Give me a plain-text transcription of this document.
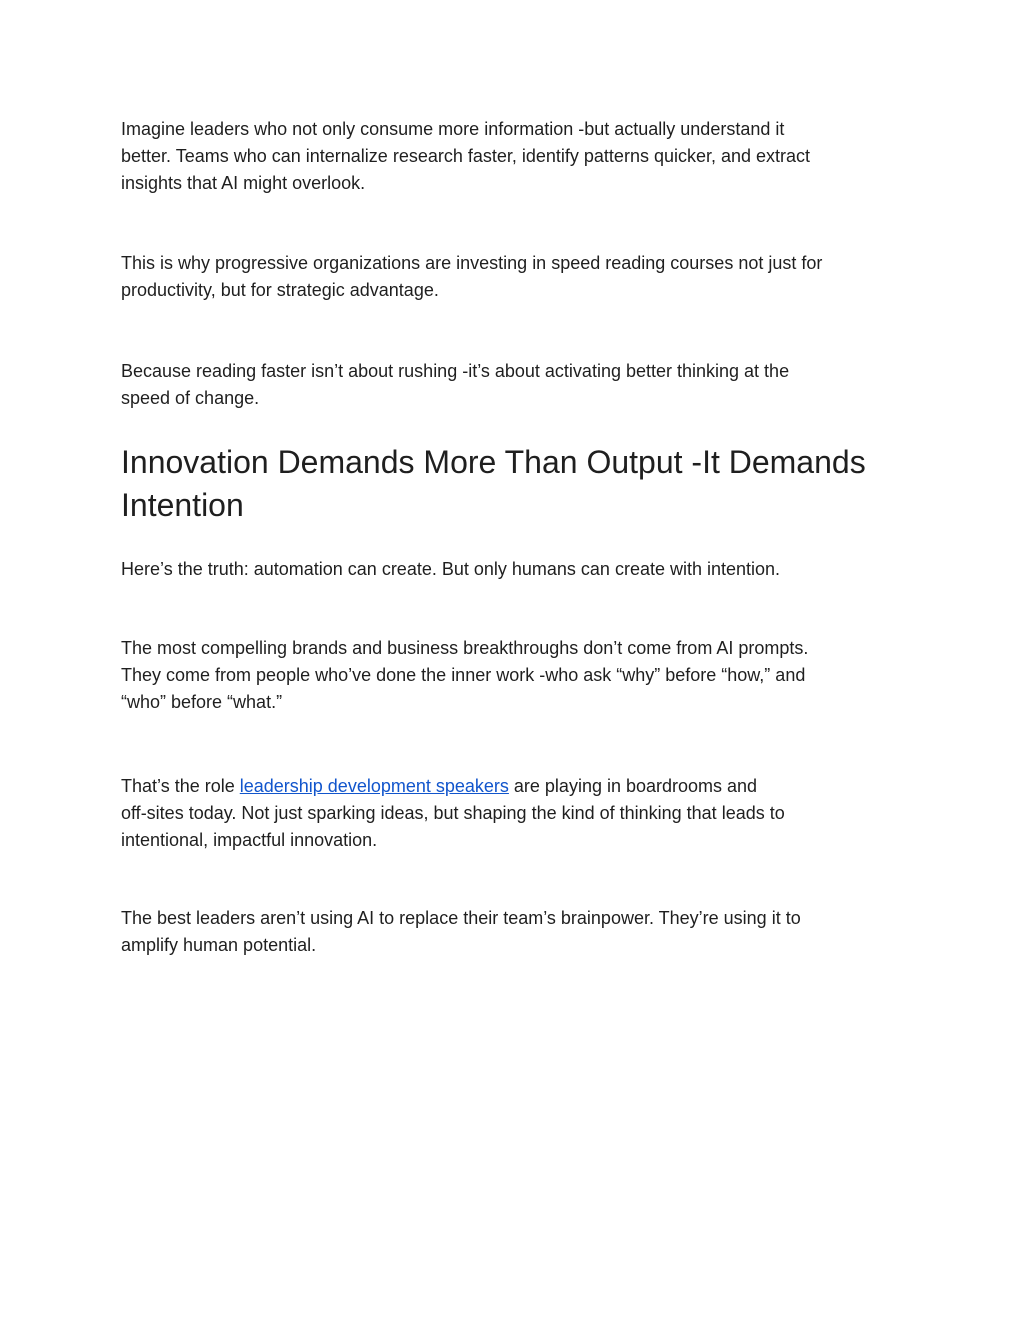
Imagine leaders who not only consume more information -but actually understand it
better. Teams who can internalize research faster, identify patterns quicker, and extract
insights that AI might overlook.

This is why progressive organizations are investing in speed reading courses not just for
productivity, but for strategic advantage.

Because reading faster isn’t about rushing -it’s about activating better thinking at the
speed of change.

Innovation Demands More Than Output -It Demands
Intention

Here’s the truth: automation can create. But only humans can create with intention.

The most compelling brands and business breakthroughs don’t come from AI prompts.
They come from people who’ve done the inner work -who ask “why” before “how,” and
“who” before “what.”

That’s the role leadership development speakers are playing in boardrooms and
off-sites today. Not just sparking ideas, but shaping the kind of thinking that leads to
intentional, impactful innovation.

The best leaders aren’t using AI to replace their team’s brainpower. They’re using it to
amplify human potential.
